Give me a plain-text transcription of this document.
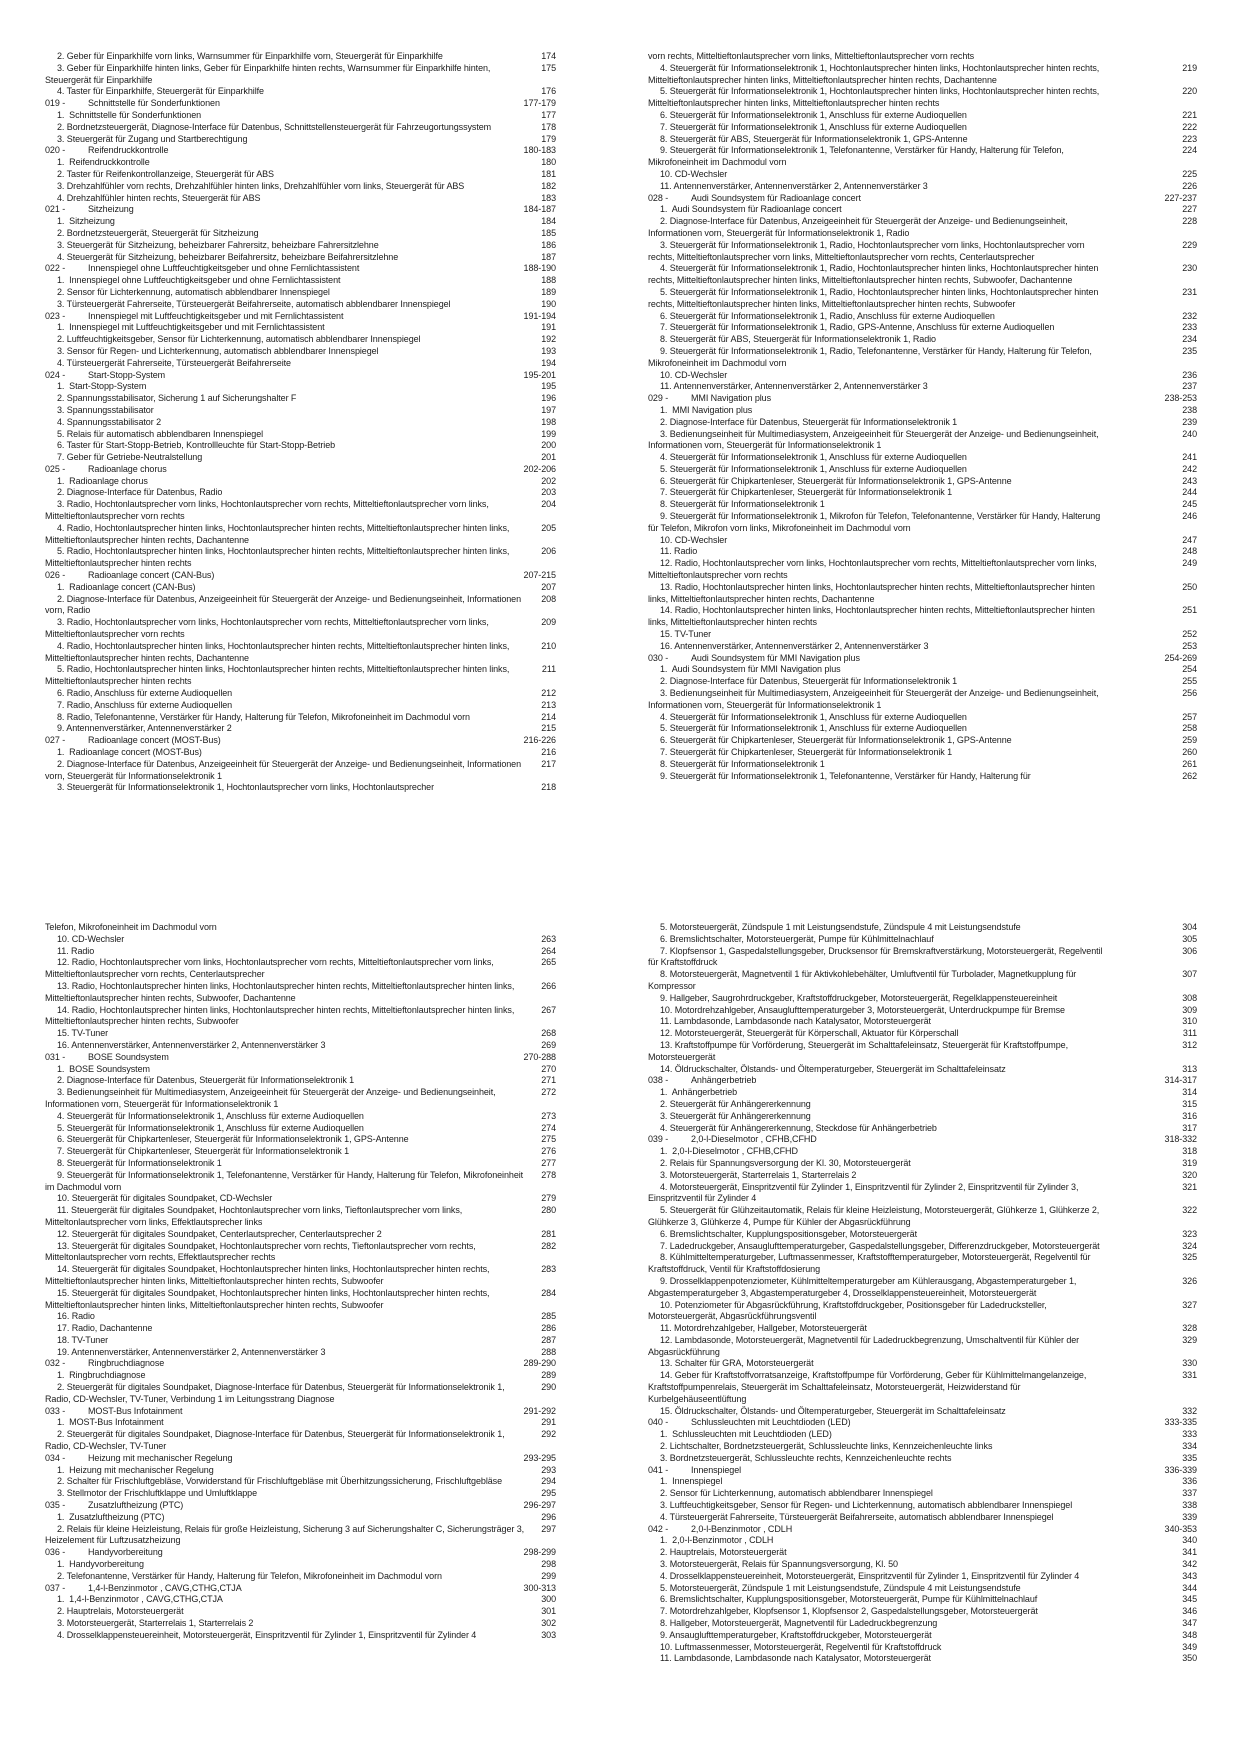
2. Geber für Einparkhilfe vorn links, Warnsummer für Einparkhilfe vorn, Steuergerät für Einparkhilfe	174
3. Geber für Einparkhilfe hinten links, Geber für Einparkhilfe hinten rechts, Warnsummer für Einparkhilfe hinten, Steuergerät für Einparkhilfe
175
4. Taster für Einparkhilfe, Steuergerät für Einparkhilfe	176
019 -	Schnittstelle für Sonderfunktionen	177-179
1.  Schnittstelle für Sonderfunktionen	177
2. Bordnetzsteuergerät, Diagnose-Interface für Datenbus, Schnittstellensteuergerät für Fahrzeugortungssystem	178
3. Steuergerät für Zugang und Startberechtigung	179
020 -	Reifendruckkontrolle	180-183
1.  Reifendruckkontrolle	180
2. Taster für Reifenkontrollanzeige, Steuergerät für ABS	181
3. Drehzahlfühler vorn rechts, Drehzahlfühler hinten links, Drehzahlfühler vorn links, Steuergerät für ABS	182
4. Drehzahlfühler hinten rechts, Steuergerät für ABS	183
021 -	Sitzheizung	184-187
1.  Sitzheizung	184
2. Bordnetzsteuergerät, Steuergerät für Sitzheizung	185
3. Steuergerät für Sitzheizung, beheizbarer Fahrersitz, beheizbare Fahrersitzlehne	186
4. Steuergerät für Sitzheizung, beheizbarer Beifahrersitz, beheizbare Beifahrersitzlehne	187
022 -	Innenspiegel ohne Luftfeuchtigkeitsgeber und ohne Fernlichtassistent	188-190
1.  Innenspiegel ohne Luftfeuchtigkeitsgeber und ohne Fernlichtassistent	188
2. Sensor für Lichterkennung, automatisch abblendbarer Innenspiegel	189
3. Türsteuergerät Fahrerseite, Türsteuergerät Beifahrerseite, automatisch abblendbarer Innenspiegel	190
023 -	Innenspiegel mit Luftfeuchtigkeitsgeber und mit Fernlichtassistent	191-194
1.  Innenspiegel mit Luftfeuchtigkeitsgeber und mit Fernlichtassistent	191
2. Luftfeuchtigkeitsgeber, Sensor für Lichterkennung, automatisch abblendbarer Innenspiegel	192
3. Sensor für Regen- und Lichterkennung, automatisch abblendbarer Innenspiegel	193
4. Türsteuergerät Fahrerseite, Türsteuergerät Beifahrerseite	194
024 -	Start-Stopp-System	195-201
1.  Start-Stopp-System	195
2. Spannungsstabilisator, Sicherung 1 auf Sicherungshalter F	196
3. Spannungsstabilisator	197
4. Spannungsstabilisator 2	198
5. Relais für automatisch abblendbaren Innenspiegel	199
6. Taster für Start-Stopp-Betrieb, Kontrollleuchte für Start-Stopp-Betrieb	200
7. Geber für Getriebe-Neutralstellung	201
025 -	Radioanlage chorus	202-206
1.  Radioanlage chorus	202
2. Diagnose-Interface für Datenbus, Radio	203
3. Radio, Hochtonlautsprecher vorn links, Hochtonlautsprecher vorn rechts, Mitteltieftonlautsprecher vorn links, Mitteltieftonlautsprecher vorn rechts
204
4. Radio, Hochtonlautsprecher hinten links, Hochtonlautsprecher hinten rechts, Mitteltieftonlautsprecher hinten links, Mitteltieftonlautsprecher hinten rechts, Dachantenne
205
5. Radio, Hochtonlautsprecher hinten links, Hochtonlautsprecher hinten rechts, Mitteltieftonlautsprecher hinten links, Mitteltieftonlautsprecher hinten rechts
206
026 -	Radioanlage concert (CAN-Bus)	207-215
1.  Radioanlage concert (CAN-Bus)	207
2. Diagnose-Interface für Datenbus, Anzeigeeinheit für Steuergerät der Anzeige- und Bedienungseinheit, Informationen vorn, Radio
208
3. Radio, Hochtonlautsprecher vorn links, Hochtonlautsprecher vorn rechts, Mitteltieftonlautsprecher vorn links, Mitteltieftonlautsprecher vorn rechts
209
4. Radio, Hochtonlautsprecher hinten links, Hochtonlautsprecher hinten rechts, Mitteltieftonlautsprecher hinten links, Mitteltieftonlautsprecher hinten rechts, Dachantenne
210
5. Radio, Hochtonlautsprecher hinten links, Hochtonlautsprecher hinten rechts, Mitteltieftonlautsprecher hinten links, Mitteltieftonlautsprecher hinten rechts
211
6. Radio, Anschluss für externe Audioquellen	212
7. Radio, Anschluss für externe Audioquellen	213
8. Radio, Telefonantenne, Verstärker für Handy, Halterung für Telefon, Mikrofoneinheit im Dachmodul vorn	214
9. Antennenverstärker, Antennenverstärker 2	215
027 -	Radioanlage concert (MOST-Bus)	216-226
1.  Radioanlage concert (MOST-Bus)	216
2. Diagnose-Interface für Datenbus, Anzeigeeinheit für Steuergerät der Anzeige- und Bedienungseinheit, Informationen vorn, Steuergerät für Informationselektronik 1
217
3. Steuergerät für Informationselektronik 1, Hochtonlautsprecher vorn links, Hochtonlautsprecher	218
vorn rechts, Mitteltieftonlautsprecher vorn links, Mitteltieftonlautsprecher vorn rechts
4. Steuergerät für Informationselektronik 1, Hochtonlautsprecher hinten links, Hochtonlautsprecher hinten rechts, Mitteltieftonlautsprecher hinten links, Mitteltieftonlautsprecher hinten rechts, Dachantenne
219
5. Steuergerät für Informationselektronik 1, Hochtonlautsprecher hinten links, Hochtonlautsprecher hinten rechts, Mitteltieftonlautsprecher hinten links, Mitteltieftonlautsprecher hinten rechts
220
6. Steuergerät für Informationselektronik 1, Anschluss für externe Audioquellen	221
7. Steuergerät für Informationselektronik 1, Anschluss für externe Audioquellen	222
8. Steuergerät für ABS, Steuergerät für Informationselektronik 1, GPS-Antenne	223
9. Steuergerät für Informationselektronik 1, Telefonantenne, Verstärker für Handy, Halterung für Telefon, Mikrofoneinheit im Dachmodul vorn
224
10. CD-Wechsler	225
11. Antennenverstärker, Antennenverstärker 2, Antennenverstärker 3	226
028 -	Audi Soundsystem für Radioanlage concert	227-237
1.  Audi Soundsystem für Radioanlage concert	227
2. Diagnose-Interface für Datenbus, Anzeigeeinheit für Steuergerät der Anzeige- und Bedienungseinheit, Informationen vorn, Steuergerät für Informationselektronik 1, Radio
228
3. Steuergerät für Informationselektronik 1, Radio, Hochtonlautsprecher vorn links, Hochtonlautsprecher vorn rechts, Mitteltieftonlautsprecher vorn links, Mitteltieftonlautsprecher vorn rechts, Centerlautsprecher
229
4. Steuergerät für Informationselektronik 1, Radio, Hochtonlautsprecher hinten links, Hochtonlautsprecher hinten rechts, Mitteltieftonlautsprecher hinten links, Mitteltieftonlautsprecher hinten rechts, Subwoofer, Dachantenne
230
5. Steuergerät für Informationselektronik 1, Radio, Hochtonlautsprecher hinten links, Hochtonlautsprecher hinten rechts, Mitteltieftonlautsprecher hinten links, Mitteltieftonlautsprecher hinten rechts, Subwoofer
231
6. Steuergerät für Informationselektronik 1, Radio, Anschluss für externe Audioquellen	232
7. Steuergerät für Informationselektronik 1, Radio, GPS-Antenne, Anschluss für externe Audioquellen	233
8. Steuergerät für ABS, Steuergerät für Informationselektronik 1, Radio	234
9. Steuergerät für Informationselektronik 1, Radio, Telefonantenne, Verstärker für Handy, Halterung für Telefon, Mikrofoneinheit im Dachmodul vorn
235
10. CD-Wechsler	236
11. Antennenverstärker, Antennenverstärker 2, Antennenverstärker 3	237
029 -	MMI Navigation plus	238-253
1.  MMI Navigation plus	238
2. Diagnose-Interface für Datenbus, Steuergerät für Informationselektronik 1	239
3. Bedienungseinheit für Multimediasystem, Anzeigeeinheit für Steuergerät der Anzeige- und Bedienungseinheit, Informationen vorn, Steuergerät für Informationselektronik 1
240
4. Steuergerät für Informationselektronik 1, Anschluss für externe Audioquellen	241
5. Steuergerät für Informationselektronik 1, Anschluss für externe Audioquellen	242
6. Steuergerät für Chipkartenleser, Steuergerät für Informationselektronik 1, GPS-Antenne	243
7. Steuergerät für Chipkartenleser, Steuergerät für Informationselektronik 1	244
8. Steuergerät für Informationselektronik 1	245
9. Steuergerät für Informationselektronik 1, Mikrofon für Telefon, Telefonantenne, Verstärker für Handy, Halterung für Telefon, Mikrofon vorn links, Mikrofoneinheit im Dachmodul vorn
246
10. CD-Wechsler	247
11. Radio	248
12. Radio, Hochtonlautsprecher vorn links, Hochtonlautsprecher vorn rechts, Mitteltieftonlautsprecher vorn links, Mitteltieftonlautsprecher vorn rechts
249
13. Radio, Hochtonlautsprecher hinten links, Hochtonlautsprecher hinten rechts, Mitteltieftonlautsprecher hinten links, Mitteltieftonlautsprecher hinten rechts, Dachantenne
250
14. Radio, Hochtonlautsprecher hinten links, Hochtonlautsprecher hinten rechts, Mitteltieftonlautsprecher hinten links, Mitteltieftonlautsprecher hinten rechts
251
15. TV-Tuner	252
16. Antennenverstärker, Antennenverstärker 2, Antennenverstärker 3	253
030 -	Audi Soundsystem für MMI Navigation plus	254-269
1.  Audi Soundsystem für MMI Navigation plus	254
2. Diagnose-Interface für Datenbus, Steuergerät für Informationselektronik 1	255
3. Bedienungseinheit für Multimediasystem, Anzeigeeinheit für Steuergerät der Anzeige- und Bedienungseinheit, Informationen vorn, Steuergerät für Informationselektronik 1
256
4. Steuergerät für Informationselektronik 1, Anschluss für externe Audioquellen	257
5. Steuergerät für Informationselektronik 1, Anschluss für externe Audioquellen	258
6. Steuergerät für Chipkartenleser, Steuergerät für Informationselektronik 1, GPS-Antenne	259
7. Steuergerät für Chipkartenleser, Steuergerät für Informationselektronik 1	260
8. Steuergerät für Informationselektronik 1	261
9. Steuergerät für Informationselektronik 1, Telefonantenne, Verstärker für Handy, Halterung für	262
Telefon, Mikrofoneinheit im Dachmodul vorn
10. CD-Wechsler	263
11. Radio	264
12. Radio, Hochtonlautsprecher vorn links, Hochtonlautsprecher vorn rechts, Mitteltieftonlautsprecher vorn links, Mitteltieftonlautsprecher vorn rechts, Centerlautsprecher
265
13. Radio, Hochtonlautsprecher hinten links, Hochtonlautsprecher hinten rechts, Mitteltieftonlautsprecher hinten links, Mitteltieftonlautsprecher hinten rechts, Subwoofer, Dachantenne
266
14. Radio, Hochtonlautsprecher hinten links, Hochtonlautsprecher hinten rechts, Mitteltieftonlautsprecher hinten links, Mitteltieftonlautsprecher hinten rechts, Subwoofer
267
15. TV-Tuner	268
16. Antennenverstärker, Antennenverstärker 2, Antennenverstärker 3	269
031 -	BOSE Soundsystem	270-288
1.  BOSE Soundsystem	270
2. Diagnose-Interface für Datenbus, Steuergerät für Informationselektronik 1	271
3. Bedienungseinheit für Multimediasystem, Anzeigeeinheit für Steuergerät der Anzeige- und Bedienungseinheit, Informationen vorn, Steuergerät für Informationselektronik 1
272
4. Steuergerät für Informationselektronik 1, Anschluss für externe Audioquellen	273
5. Steuergerät für Informationselektronik 1, Anschluss für externe Audioquellen	274
6. Steuergerät für Chipkartenleser, Steuergerät für Informationselektronik 1, GPS-Antenne	275
7. Steuergerät für Chipkartenleser, Steuergerät für Informationselektronik 1	276
8. Steuergerät für Informationselektronik 1	277
9. Steuergerät für Informationselektronik 1, Telefonantenne, Verstärker für Handy, Halterung für Telefon, Mikrofoneinheit im Dachmodul vorn
278
10. Steuergerät für digitales Soundpaket, CD-Wechsler	279
11. Steuergerät für digitales Soundpaket, Hochtonlautsprecher vorn links, Tieftonlautsprecher vorn links, Mitteltonlautsprecher vorn links, Effektlautsprecher links
280
12. Steuergerät für digitales Soundpaket, Centerlautsprecher, Centerlautsprecher 2	281
13. Steuergerät für digitales Soundpaket, Hochtonlautsprecher vorn rechts, Tieftonlautsprecher vorn rechts, Mitteltonlautsprecher vorn rechts, Effektlautsprecher rechts
282
14. Steuergerät für digitales Soundpaket, Hochtonlautsprecher hinten links, Hochtonlautsprecher hinten rechts, Mitteltieftonlautsprecher hinten links, Mitteltieftonlautsprecher hinten rechts, Subwoofer
283
15. Steuergerät für digitales Soundpaket, Hochtonlautsprecher hinten links, Hochtonlautsprecher hinten rechts, Mitteltieftonlautsprecher hinten links, Mitteltieftonlautsprecher hinten rechts, Subwoofer
284
16. Radio	285
17. Radio, Dachantenne	286
18. TV-Tuner	287
19. Antennenverstärker, Antennenverstärker 2, Antennenverstärker 3	288
032 -	Ringbruchdiagnose	289-290
1.  Ringbruchdiagnose	289
2. Steuergerät für digitales Soundpaket, Diagnose-Interface für Datenbus, Steuergerät für Informationselektronik 1, Radio, CD-Wechsler, TV-Tuner, Verbindung 1 im Leitungsstrang Diagnose
290
033 -	MOST-Bus Infotainment	291-292
1.  MOST-Bus Infotainment	291
2. Steuergerät für digitales Soundpaket, Diagnose-Interface für Datenbus, Steuergerät für Informationselektronik 1, Radio, CD-Wechsler, TV-Tuner
292
034 -	Heizung mit mechanischer Regelung	293-295
1.  Heizung mit mechanischer Regelung	293
2. Schalter für Frischluftgebläse, Vorwiderstand für Frischluftgebläse mit Überhitzungssicherung, Frischluftgebläse	294
3. Stellmotor der Frischluftklappe und Umluftklappe	295
035 -	Zusatzluftheizung (PTC)	296-297
1.  Zusatzluftheizung (PTC)	296
2. Relais für kleine Heizleistung, Relais für große Heizleistung, Sicherung 3 auf Sicherungshalter C, Sicherungsträger 3, Heizelement für Luftzusatzheizung
297
036 -	Handyvorbereitung	298-299
1.  Handyvorbereitung	298
2. Telefonantenne, Verstärker für Handy, Halterung für Telefon, Mikrofoneinheit im Dachmodul vorn	299
037 -	1,4-l-Benzinmotor , CAVG,CTHG,CTJA	300-313
1.  1,4-l-Benzinmotor , CAVG,CTHG,CTJA	300
2. Hauptrelais, Motorsteuergerät	301
3. Motorsteuergerät, Starterrelais 1, Starterrelais 2	302
4. Drosselklappensteuereinheit, Motorsteuergerät, Einspritzventil für Zylinder 1, Einspritzventil für Zylinder 4	303
5. Motorsteuergerät, Zündspule 1 mit Leistungsendstufe, Zündspule 4 mit Leistungsendstufe	304
6. Bremslichtschalter, Motorsteuergerät, Pumpe für Kühlmittelnachlauf	305
7. Klopfsensor 1, Gaspedalstellungsgeber, Drucksensor für Bremskraftverstärkung, Motorsteuergerät, Regelventil für Kraftstoffdruck
306
8. Motorsteuergerät, Magnetventil 1 für Aktivkohlebehälter, Umluftventil für Turbolader, Magnetkupplung für Kompressor
307
9. Hallgeber, Saugrohrdruckgeber, Kraftstoffdruckgeber, Motorsteuergerät, Regelklappensteuereinheit	308
10. Motordrehzahlgeber, Ansauglufttemperaturgeber 3, Motorsteuergerät, Unterdruckpumpe für Bremse	309
11. Lambdasonde, Lambdasonde nach Katalysator, Motorsteuergerät	310
12. Motorsteuergerät, Steuergerät für Körperschall, Aktuator für Körperschall	311
13. Kraftstoffpumpe für Vorförderung, Steuergerät im Schalttafeleinsatz, Steuergerät für Kraftstoffpumpe, Motorsteuergerät
312
14. Öldruckschalter, Ölstands- und Öltemperaturgeber, Steuergerät im Schalttafeleinsatz	313
038 -	Anhängerbetrieb	314-317
1.  Anhängerbetrieb	314
2. Steuergerät für Anhängererkennung	315
3. Steuergerät für Anhängererkennung	316
4. Steuergerät für Anhängererkennung, Steckdose für Anhängerbetrieb	317
039 -	2,0-l-Dieselmotor , CFHB,CFHD	318-332
1.  2,0-l-Dieselmotor , CFHB,CFHD	318
2. Relais für Spannungsversorgung der Kl. 30, Motorsteuergerät	319
3. Motorsteuergerät, Starterrelais 1, Starterrelais 2	320
4. Motorsteuergerät, Einspritzventil für Zylinder 1, Einspritzventil für Zylinder 2, Einspritzventil für Zylinder 3, Einspritzventil für Zylinder 4
321
5. Steuergerät für Glühzeitautomatik, Relais für kleine Heizleistung, Motorsteuergerät, Glühkerze 1, Glühkerze 2, Glühkerze 3, Glühkerze 4, Pumpe für Kühler der Abgasrückführung
322
6. Bremslichtschalter, Kupplungspositionsgeber, Motorsteuergerät	323
7. Ladedruckgeber, Ansauglufttemperaturgeber, Gaspedalstellungsgeber, Differenzdruckgeber, Motorsteuergerät	324
8. Kühlmitteltemperaturgeber, Luftmassenmesser, Kraftstofftemperaturgeber, Motorsteuergerät, Regelventil für Kraftstoffdruck, Ventil für Kraftstoffdosierung
325
9. Drosselklappenpotenziometer, Kühlmitteltemperaturgeber am Kühlerausgang, Abgastemperaturgeber 1, Abgastemperaturgeber 3, Abgastemperaturgeber 4, Drosselklappensteuereinheit, Motorsteuergerät
326
10. Potenziometer für Abgasrückführung, Kraftstoffdruckgeber, Positionsgeber für Ladedrucksteller, Motorsteuergerät, Abgasrückführungsventil
327
11. Motordrehzahlgeber, Hallgeber, Motorsteuergerät	328
12. Lambdasonde, Motorsteuergerät, Magnetventil für Ladedruckbegrenzung, Umschaltventil für Kühler der Abgasrückführung
329
13. Schalter für GRA, Motorsteuergerät	330
14. Geber für Kraftstoffvorratsanzeige, Kraftstoffpumpe für Vorförderung, Geber für Kühlmittelmangelanzeige, Kraftstoffpumpenrelais, Steuergerät im Schalttafeleinsatz, Motorsteuergerät, Heizwiderstand für Kurbelgehäuseentlüftung
331
15. Öldruckschalter, Ölstands- und Öltemperaturgeber, Steuergerät im Schalttafeleinsatz	332
040 -	Schlussleuchten mit Leuchtdioden (LED)	333-335
1.  Schlussleuchten mit Leuchtdioden (LED)	333
2. Lichtschalter, Bordnetzsteuergerät, Schlussleuchte links, Kennzeichenleuchte links	334
3. Bordnetzsteuergerät, Schlussleuchte rechts, Kennzeichenleuchte rechts	335
041 -	Innenspiegel	336-339
1.  Innenspiegel	336
2. Sensor für Lichterkennung, automatisch abblendbarer Innenspiegel	337
3. Luftfeuchtigkeitsgeber, Sensor für Regen- und Lichterkennung, automatisch abblendbarer Innenspiegel	338
4. Türsteuergerät Fahrerseite, Türsteuergerät Beifahrerseite, automatisch abblendbarer Innenspiegel	339
042 -	2,0-l-Benzinmotor , CDLH	340-353
1.  2,0-l-Benzinmotor , CDLH	340
2. Hauptrelais, Motorsteuergerät	341
3. Motorsteuergerät, Relais für Spannungsversorgung, Kl. 50	342
4. Drosselklappensteuereinheit, Motorsteuergerät, Einspritzventil für Zylinder 1, Einspritzventil für Zylinder 4	343
5. Motorsteuergerät, Zündspule 1 mit Leistungsendstufe, Zündspule 4 mit Leistungsendstufe	344
6. Bremslichtschalter, Kupplungspositionsgeber, Motorsteuergerät, Pumpe für Kühlmittelnachlauf	345
7. Motordrehzahlgeber, Klopfsensor 1, Klopfsensor 2, Gaspedalstellungsgeber, Motorsteuergerät	346
8. Hallgeber, Motorsteuergerät, Magnetventil für Ladedruckbegrenzung	347
9. Ansauglufttemperaturgeber, Kraftstoffdruckgeber, Motorsteuergerät	348
10. Luftmassenmesser, Motorsteuergerät, Regelventil für Kraftstoffdruck	349
11. Lambdasonde, Lambdasonde nach Katalysator, Motorsteuergerät	350
